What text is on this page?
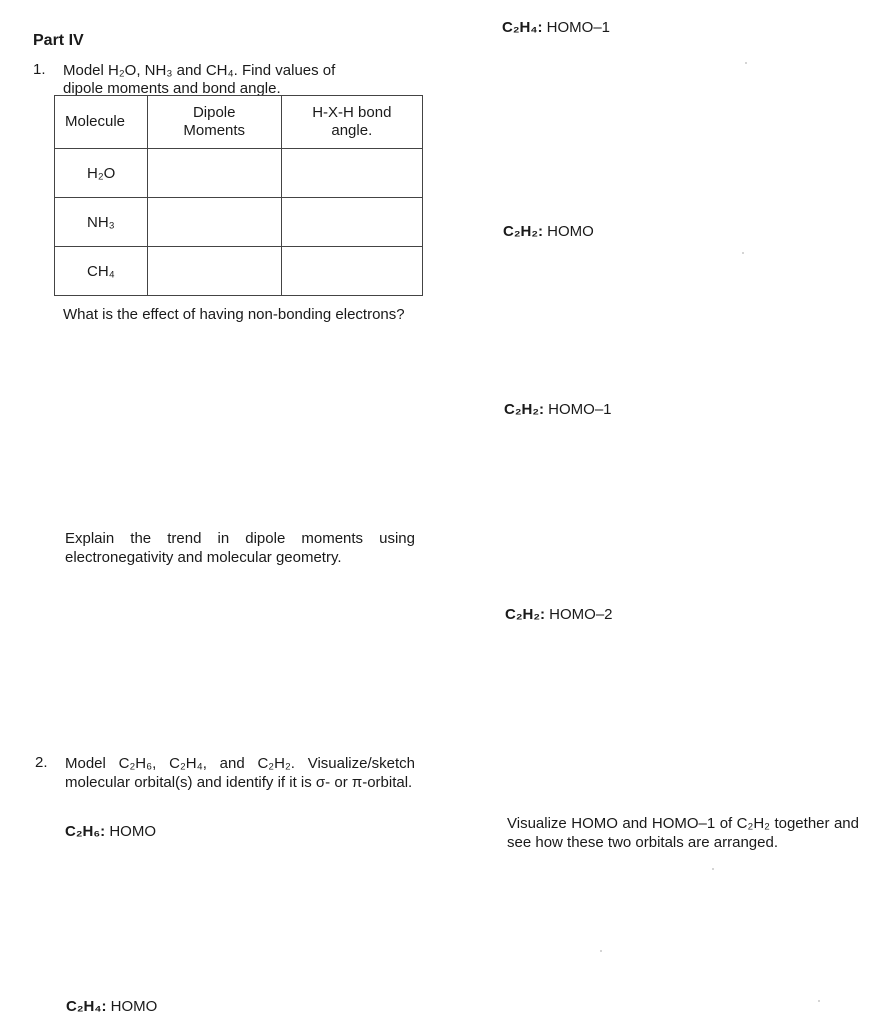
Part IV
1. Model H₂O, NH₃ and CH₄. Find values of
dipole moments and bond angle.
Molecule	Dipole Moments	H-X-H bond angle.
H₂O		
NH₃		
CH₄		
What is the effect of having non-bonding electrons?
Explain the trend in dipole moments using electronegativity and molecular geometry.
2. Model C₂H₆, C₂H₄, and C₂H₂. Visualize/sketch molecular orbital(s) and identify if it is σ- or π-orbital.
C₂H₆: HOMO
C₂H₄: HOMO
C₂H₄: HOMO–1
C₂H₂: HOMO
C₂H₂: HOMO–1
C₂H₂: HOMO–2
Visualize HOMO and HOMO–1 of C₂H₂ together and see how these two orbitals are arranged.
